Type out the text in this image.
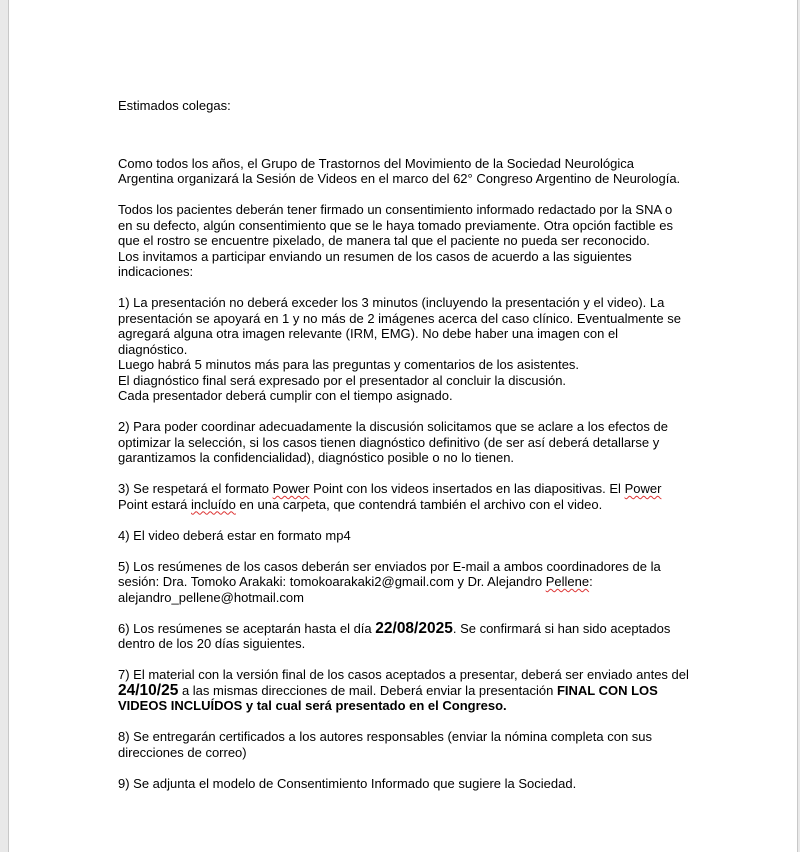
Estimados colegas:

Como todos los años, el Grupo de Trastornos del Movimiento de la Sociedad Neurológica Argentina organizará la Sesión de Videos en el marco del 62° Congreso Argentino de Neurología.

Todos los pacientes deberán tener firmado un consentimiento informado redactado por la SNA o en su defecto, algún consentimiento que se le haya tomado previamente. Otra opción factible es que el rostro se encuentre pixelado, de manera tal que el paciente no pueda ser reconocido.

Los invitamos a participar enviando un resumen de los casos de acuerdo a las siguientes indicaciones:

1) La presentación no deberá exceder los 3 minutos (incluyendo la presentación y el video). La presentación se apoyará en 1 y no más de 2 imágenes acerca del caso clínico. Eventualmente se agregará alguna otra imagen relevante (IRM, EMG). No debe haber una imagen con el diagnóstico.

Luego habrá 5 minutos más para las preguntas y comentarios de los asistentes.

El diagnóstico final será expresado por el presentador al concluir la discusión.

Cada presentador deberá cumplir con el tiempo asignado.

2) Para poder coordinar adecuadamente la discusión solicitamos que se aclare a los efectos de optimizar la selección, si los casos tienen diagnóstico definitivo (de ser así deberá detallarse y garantizamos la confidencialidad), diagnóstico posible o no lo tienen.

3) Se respetará el formato Power Point con los videos insertados en las diapositivas. El Power Point estará incluído en una carpeta, que contendrá también el archivo con el video.

4) El video deberá estar en formato mp4

5) Los resúmenes de los casos deberán ser enviados por E-mail a ambos coordinadores de la sesión: Dra. Tomoko Arakaki: tomokoarakaki2@gmail.com y Dr. Alejandro Pellene: alejandro_pellene@hotmail.com

6) Los resúmenes se aceptarán hasta el día 22/08/2025. Se confirmará si han sido aceptados dentro de los 20 días siguientes.

7) El material con la versión final de los casos aceptados a presentar, deberá ser enviado antes del 24/10/25 a las mismas direcciones de mail. Deberá enviar la presentación FINAL CON LOS VIDEOS INCLUÍDOS y tal cual será presentado en el Congreso.

8) Se entregarán certificados a los autores responsables (enviar la nómina completa con sus direcciones de correo)

9) Se adjunta el modelo de Consentimiento Informado que sugiere la Sociedad.
